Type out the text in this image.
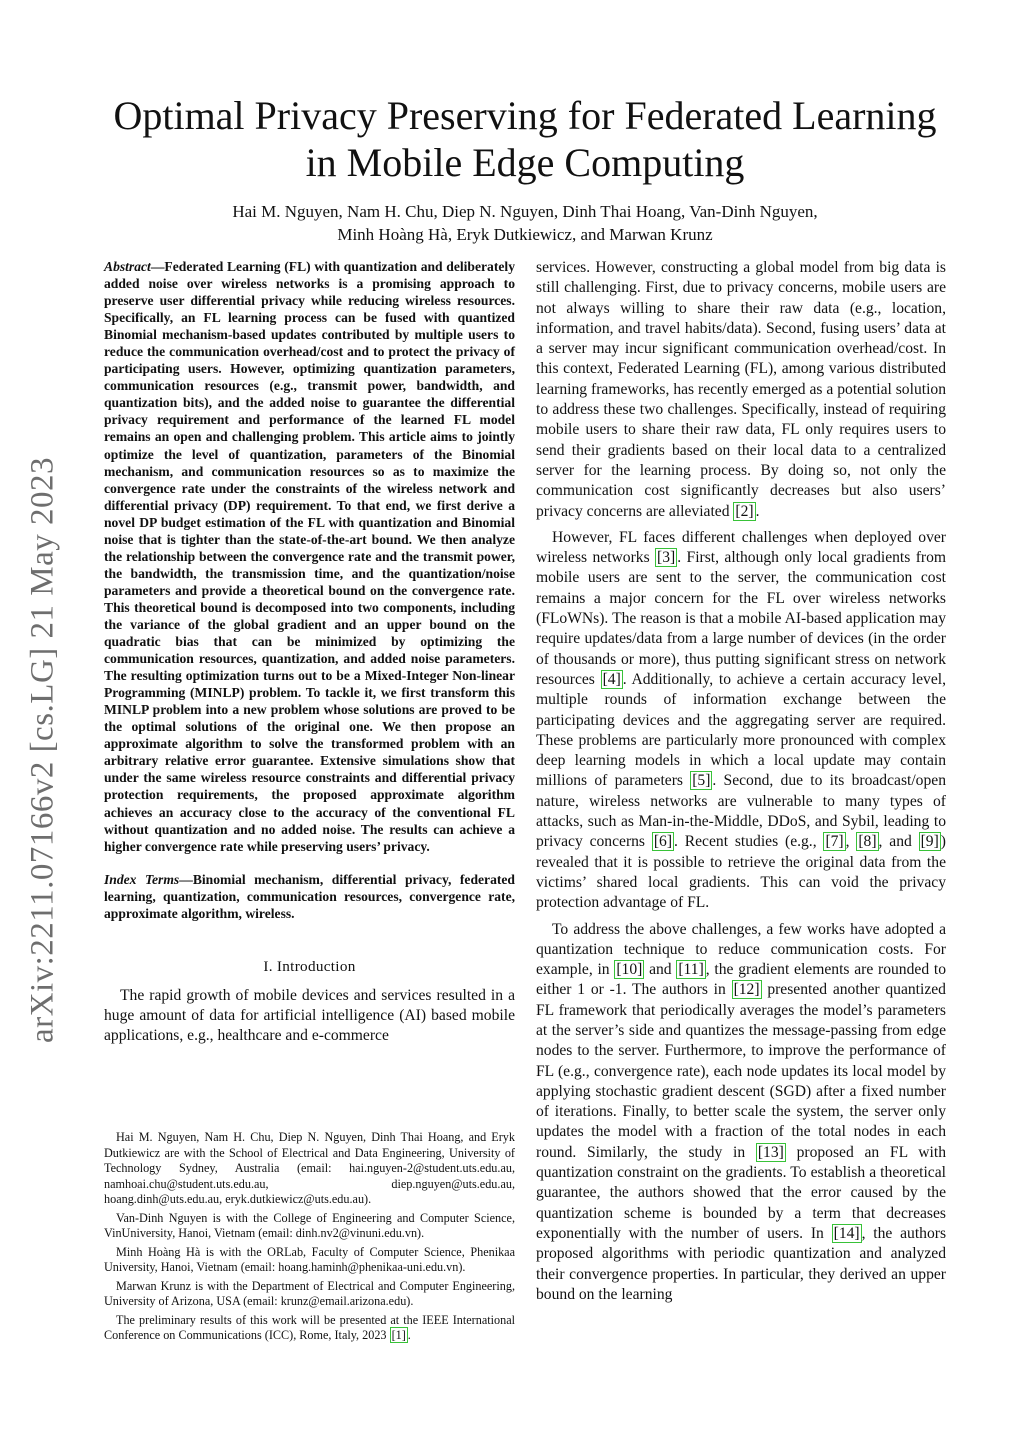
arXiv:2211.07166v2 [cs.LG] 21 May 2023
Optimal Privacy Preserving for Federated Learning in Mobile Edge Computing
Hai M. Nguyen, Nam H. Chu, Diep N. Nguyen, Dinh Thai Hoang, Van-Dinh Nguyen,
Minh Hoàng Hà, Eryk Dutkiewicz, and Marwan Krunz

Abstract—Federated Learning (FL) with quantization and deliberately added noise over wireless networks is a promising approach to preserve user differential privacy while reducing wireless resources. Specifically, an FL learning process can be fused with quantized Binomial mechanism-based updates contributed by multiple users to reduce the communication overhead/cost and to protect the privacy of participating users. However, optimizing quantization parameters, communication resources (e.g., transmit power, bandwidth, and quantization bits), and the added noise to guarantee the differential privacy requirement and performance of the learned FL model remains an open and challenging problem. This article aims to jointly optimize the level of quantization, parameters of the Binomial mechanism, and communication resources so as to maximize the convergence rate under the constraints of the wireless network and differential privacy (DP) requirement. To that end, we first derive a novel DP budget estimation of the FL with quantization and Binomial noise that is tighter than the state-of-the-art bound. We then analyze the relationship between the convergence rate and the transmit power, the bandwidth, the transmission time, and the quantization/noise parameters and provide a theoretical bound on the convergence rate. This theoretical bound is decomposed into two components, including the variance of the global gradient and an upper bound on the quadratic bias that can be minimized by optimizing the communication resources, quantization, and added noise parameters. The resulting optimization turns out to be a Mixed-Integer Non-linear Programming (MINLP) problem. To tackle it, we first transform this MINLP problem into a new problem whose solutions are proved to be the optimal solutions of the original one. We then propose an approximate algorithm to solve the transformed problem with an arbitrary relative error guarantee. Extensive simulations show that under the same wireless resource constraints and differential privacy protection requirements, the proposed approximate algorithm achieves an accuracy close to the accuracy of the conventional FL without quantization and no added noise. The results can achieve a higher convergence rate while preserving users’ privacy.

Index Terms—Binomial mechanism, differential privacy, federated learning, quantization, communication resources, convergence rate, approximate algorithm, wireless.

I. Introduction

The rapid growth of mobile devices and services resulted in a huge amount of data for artificial intelligence (AI) based mobile applications, e.g., healthcare and e-commerce

Hai M. Nguyen, Nam H. Chu, Diep N. Nguyen, Dinh Thai Hoang, and Eryk Dutkiewicz are with the School of Electrical and Data Engineering, University of Technology Sydney, Australia (email: hai.nguyen-2@student.uts.edu.au, namhoai.chu@student.uts.edu.au, diep.nguyen@uts.edu.au, hoang.dinh@uts.edu.au, eryk.dutkiewicz@uts.edu.au).

Van-Dinh Nguyen is with the College of Engineering and Computer Science, VinUniversity, Hanoi, Vietnam (email: dinh.nv2@vinuni.edu.vn).

Minh Hoàng Hà is with the ORLab, Faculty of Computer Science, Phenikaa University, Hanoi, Vietnam (email: hoang.haminh@phenikaa-uni.edu.vn).

Marwan Krunz is with the Department of Electrical and Computer Engineering, University of Arizona, USA (email: krunz@email.arizona.edu).

The preliminary results of this work will be presented at the IEEE International Conference on Communications (ICC), Rome, Italy, 2023 [1] .

services. However, constructing a global model from big data is still challenging. First, due to privacy concerns, mobile users are not always willing to share their raw data (e.g., location, information, and travel habits/data). Second, fusing users’ data at a server may incur significant communication overhead/cost. In this context, Federated Learning (FL), among various distributed learning frameworks, has recently emerged as a potential solution to address these two challenges. Specifically, instead of requiring mobile users to share their raw data, FL only requires users to send their gradients based on their local data to a centralized server for the learning process. By doing so, not only the communication cost significantly decreases but also users’ privacy concerns are alleviated [2] .

However, FL faces different challenges when deployed over wireless networks [3] . First, although only local gradients from mobile users are sent to the server, the communication cost remains a major concern for the FL over wireless networks (FLoWNs). The reason is that a mobile AI-based application may require updates/data from a large number of devices (in the order of thousands or more), thus putting significant stress on network resources [4] . Additionally, to achieve a certain accuracy level, multiple rounds of information exchange between the participating devices and the aggregating server are required. These problems are particularly more pronounced with complex deep learning models in which a local update may contain millions of parameters [5] . Second, due to its broadcast/open nature, wireless networks are vulnerable to many types of attacks, such as Man-in-the-Middle, DDoS, and Sybil, leading to privacy concerns [6] . Recent studies (e.g., [7] , [8] , and [9] ) revealed that it is possible to retrieve the original data from the victims’ shared local gradients. This can void the privacy protection advantage of FL.

To address the above challenges, a few works have adopted a quantization technique to reduce communication costs. For example, in [10] and [11] , the gradient elements are rounded to either 1 or -1. The authors in [12] presented another quantized FL framework that periodically averages the model’s parameters at the server’s side and quantizes the message-passing from edge nodes to the server. Furthermore, to improve the performance of FL (e.g., convergence rate), each node updates its local model by applying stochastic gradient descent (SGD) after a fixed number of iterations. Finally, to better scale the system, the server only updates the model with a fraction of the total nodes in each round. Similarly, the study in [13] proposed an FL with quantization constraint on the gradients. To establish a theoretical guarantee, the authors showed that the error caused by the quantization scheme is bounded by a term that decreases exponentially with the number of users. In [14] , the authors proposed algorithms with periodic quantization and analyzed their convergence properties. In particular, they derived an upper bound on the learning
